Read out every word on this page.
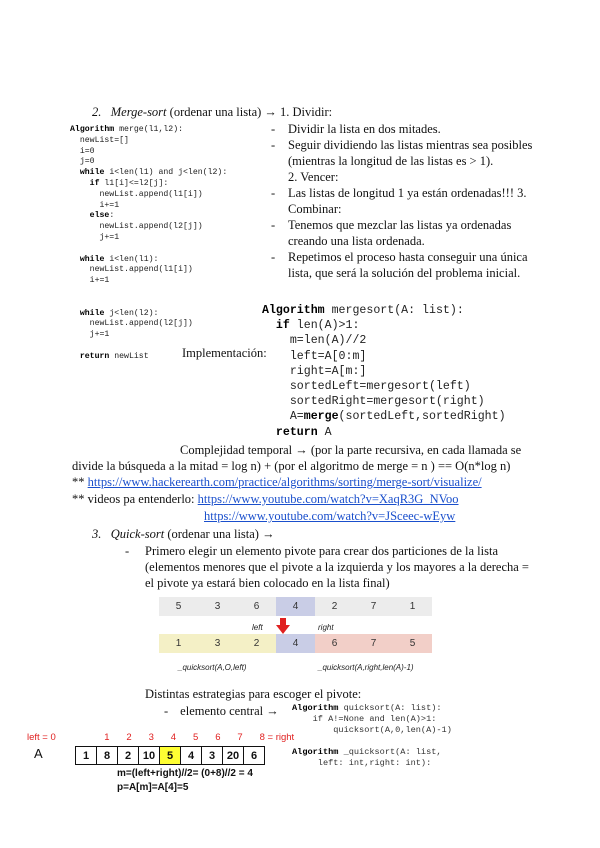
2. Merge-sort (ordenar una lista) → 1. Dividir:
Algorithm merge(l1,l2):
newList=[]
i=0
j=0
while i<len(l1) and j<len(l2):
if l1[i]<=l2[j]:
newList.append(l1[i])
i+=1
else:
newList.append(l2[j])
j+=1

while i<len(l1):
newList.append(l1[i])
i+=1

while j<len(l2):
newList.append(l2[j])
j+=1

return newList
- Dividir la lista en dos mitades.
- Seguir dividiendo las listas mientras sea posibles (mientras la longitud de las listas es > 1).
2. Vencer:
- Las listas de longitud 1 ya están ordenadas!!! 3. Combinar:
- Tenemos que mezclar las listas ya ordenadas creando una lista ordenada.
- Repetimos el proceso hasta conseguir una única lista, que será la solución del problema inicial.
Algorithm mergesort(A: list):
if len(A)>1:
m=len(A)//2
left=A[0:m]
right=A[m:]
sortedLeft=mergesort(left)
sortedRight=mergesort(right)
A=merge(sortedLeft,sortedRight)
return A
Implementación:
Complejidad temporal → (por la parte recursiva, en cada llamada se divide la búsqueda a la mitad = log n) + (por el algoritmo de merge = n ) == O(n*log n)
** https://www.hackerearth.com/practice/algorithms/sorting/merge-sort/visualize/
** videos pa entenderlo: https://www.youtube.com/watch?v=XaqR3G_NVoo
https://www.youtube.com/watch?v=JSceec-wEyw
3. Quick-sort (ordenar una lista) →
- Primero elegir un elemento pivote para crear dos particiones de la lista (elementos menores que el pivote a la izquierda y los mayores a la derecha = el pivote ya estará bien colocado en la lista final)
5	3	6	4	2	7	1
left	right
1	3	2	4	6	7	5
_quicksort(A,O,left)	_quicksort(A,right,len(A)-1)
Distintas estrategias para escoger el pivote:
- elemento central → Algorithm quicksort(A: list):
if A!=None and len(A)>1:
quicksort(A,0,len(A)-1)

Algorithm _quicksort(A: list,
left: int,right: int):
left = 0	1 2 3 4 5 6 7 8 = right
A	1	8	2	10	5	4	3	20	6
m=(left+right)//2= (0+8)//2 = 4
p=A[m]=A[4]=5
